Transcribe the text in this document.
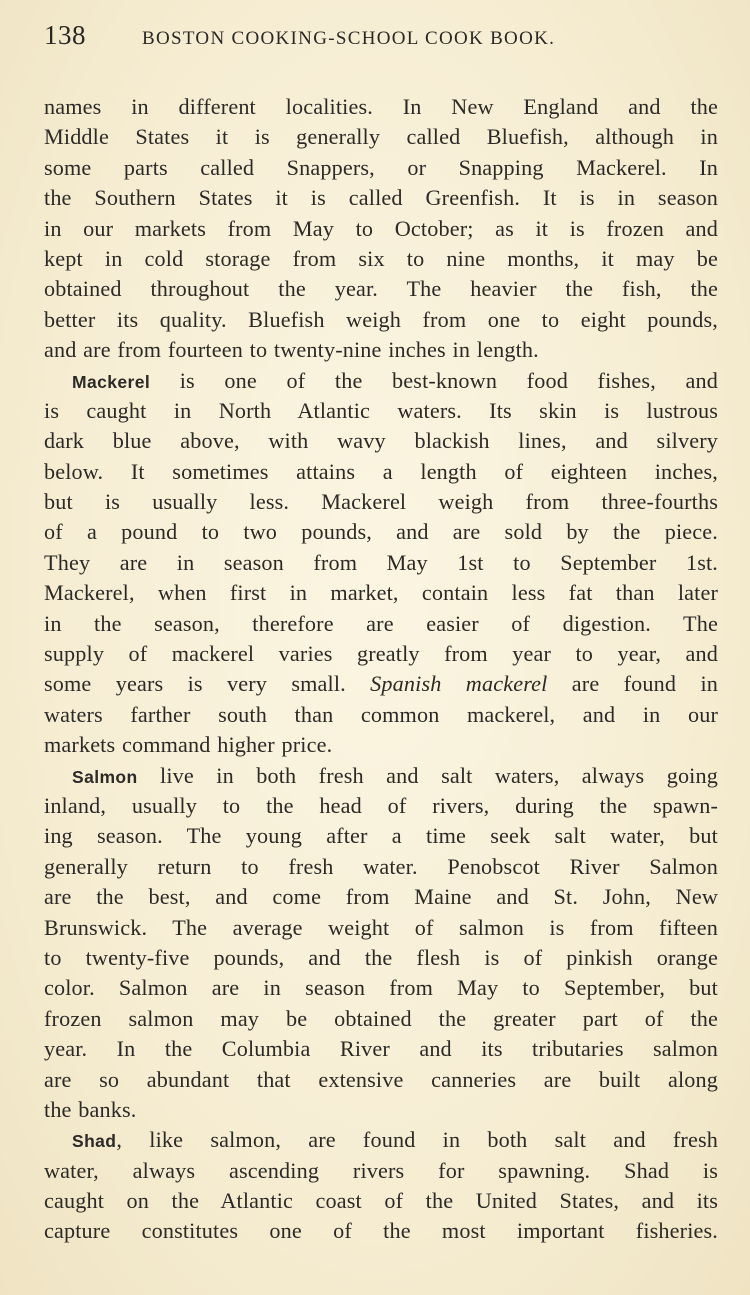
138	BOSTON COOKING-SCHOOL COOK BOOK.
names in different localities. In New England and the
Middle States it is generally called Bluefish, although in
some parts called Snappers, or Snapping Mackerel. In
the Southern States it is called Greenfish. It is in season
in our markets from May to October; as it is frozen and
kept in cold storage from six to nine months, it may be
obtained throughout the year. The heavier the fish, the
better its quality. Bluefish weigh from one to eight pounds,
and are from fourteen to twenty-nine inches in length.
Mackerel is one of the best-known food fishes, and
is caught in North Atlantic waters. Its skin is lustrous
dark blue above, with wavy blackish lines, and silvery
below. It sometimes attains a length of eighteen inches,
but is usually less. Mackerel weigh from three-fourths
of a pound to two pounds, and are sold by the piece.
They are in season from May 1st to September 1st.
Mackerel, when first in market, contain less fat than later
in the season, therefore are easier of digestion. The
supply of mackerel varies greatly from year to year, and
some years is very small. Spanish mackerel are found in
waters farther south than common mackerel, and in our
markets command higher price.
Salmon live in both fresh and salt waters, always going
inland, usually to the head of rivers, during the spawn-
ing season. The young after a time seek salt water, but
generally return to fresh water. Penobscot River Salmon
are the best, and come from Maine and St. John, New
Brunswick. The average weight of salmon is from fifteen
to twenty-five pounds, and the flesh is of pinkish orange
color. Salmon are in season from May to September, but
frozen salmon may be obtained the greater part of the
year. In the Columbia River and its tributaries salmon
are so abundant that extensive canneries are built along
the banks.
Shad, like salmon, are found in both salt and fresh
water, always ascending rivers for spawning. Shad is
caught on the Atlantic coast of the United States, and its
capture constitutes one of the most important fisheries.
